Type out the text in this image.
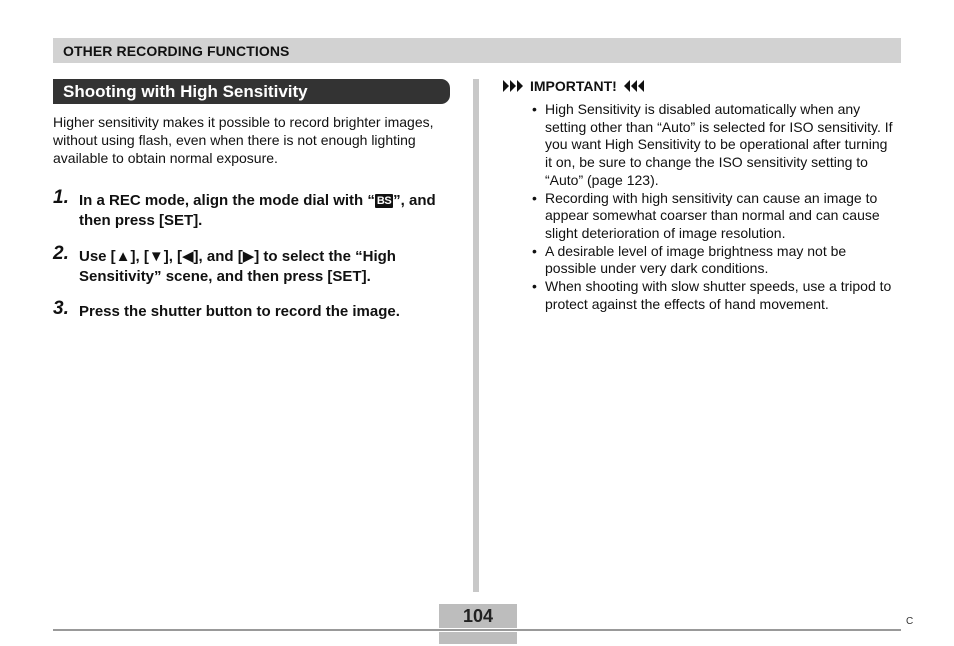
OTHER RECORDING FUNCTIONS
Shooting with High Sensitivity
Higher sensitivity makes it possible to record brighter images, without using flash, even when there is not enough lighting available to obtain normal exposure.
1. In a REC mode, align the mode dial with “ BS ”, and then press [SET].
2. Use [▲], [▼], [◀], and [▶] to select the “High Sensitivity” scene, and then press [SET].
3. Press the shutter button to record the image.
IMPORTANT!
• High Sensitivity is disabled automatically when any setting other than “Auto” is selected for ISO sensitivity. If you want High Sensitivity to be operational after turning it on, be sure to change the ISO sensitivity setting to “Auto” (page 123).
• Recording with high sensitivity can cause an image to appear somewhat coarser than normal and can cause slight deterioration of image resolution.
• A desirable level of image brightness may not be possible under very dark conditions.
• When shooting with slow shutter speeds, use a tripod to protect against the effects of hand movement.
104	C
